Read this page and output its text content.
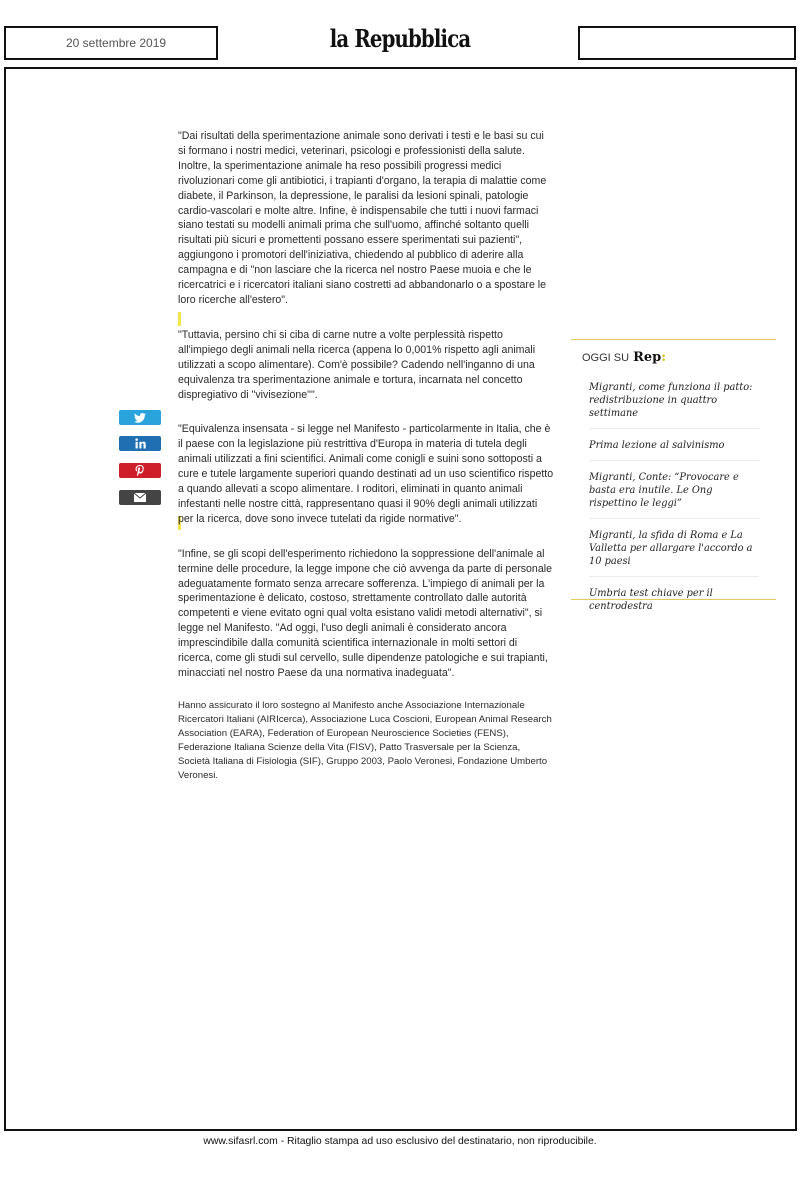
20 settembre 2019	la Repubblica

"Dai risultati della sperimentazione animale sono derivati i testi e le basi su cui si formano i nostri medici, veterinari, psicologi e professionisti della salute. Inoltre, la sperimentazione animale ha reso possibili progressi medici rivoluzionari come gli antibiotici, i trapianti d'organo, la terapia di malattie come diabete, il Parkinson, la depressione, le paralisi da lesioni spinali, patologie cardio-vascolari e molte altre. Infine, è indispensabile che tutti i nuovi farmaci siano testati su modelli animali prima che sull'uomo, affinché soltanto quelli risultati più sicuri e promettenti possano essere sperimentati sui pazienti", aggiungono i promotori dell'iniziativa, chiedendo al pubblico di aderire alla campagna e di "non lasciare che la ricerca nel nostro Paese muoia e che le ricercatrici e i ricercatori italiani siano costretti ad abbandonarlo o a spostare le loro ricerche all'estero".

"Tuttavia, persino chi si ciba di carne nutre a volte perplessità rispetto all'impiego degli animali nella ricerca (appena lo 0,001% rispetto agli animali utilizzati a scopo alimentare). Com'è possibile? Cadendo nell'inganno di una equivalenza tra sperimentazione animale e tortura, incarnata nel concetto dispregiativo di "vivisezione"".

"Equivalenza insensata - si legge nel Manifesto - particolarmente in Italia, che è il paese con la legislazione più restrittiva d'Europa in materia di tutela degli animali utilizzati a fini scientifici. Animali come conigli e suini sono sottoposti a cure e tutele largamente superiori quando destinati ad un uso scientifico rispetto a quando allevati a scopo alimentare. I roditori, eliminati in quanto animali infestanti nelle nostre città, rappresentano quasi il 90% degli animali utilizzati per la ricerca, dove sono invece tutelati da rigide normative".

"Infine, se gli scopi dell'esperimento richiedono la soppressione dell'animale al termine delle procedure, la legge impone che ciò avvenga da parte di personale adeguatamente formato senza arrecare sofferenza. L'impiego di animali per la sperimentazione è delicato, costoso, strettamente controllato dalle autorità competenti e viene evitato ogni qual volta esistano validi metodi alternativi", si legge nel Manifesto. "Ad oggi, l'uso degli animali è considerato ancora imprescindibile dalla comunità scientifica internazionale in molti settori di ricerca, come gli studi sul cervello, sulle dipendenze patologiche e sui trapianti, minacciati nel nostro Paese da una normativa inadeguata".

Hanno assicurato il loro sostegno al Manifesto anche Associazione Internazionale Ricercatori Italiani (AIRIcerca), Associazione Luca Coscioni, European Animal Research Association (EARA), Federation of European Neuroscience Societies (FENS), Federazione Italiana Scienze della Vita (FISV), Patto Trasversale per la Scienza, Società Italiana di Fisiologia (SIF), Gruppo 2003, Paolo Veronesi, Fondazione Umberto Veronesi.

OGGI SU Rep:
Migranti, come funziona il patto: redistribuzione in quattro settimane
Prima lezione al salvinismo
Migranti, Conte: “Provocare e basta era inutile. Le Ong rispettino le leggi”
Migranti, la sfida di Roma e La Valletta per allargare l'accordo a 10 paesi
Umbria test chiave per il centrodestra
www.sifasrl.com - Ritaglio stampa ad uso esclusivo del destinatario, non riproducibile.
